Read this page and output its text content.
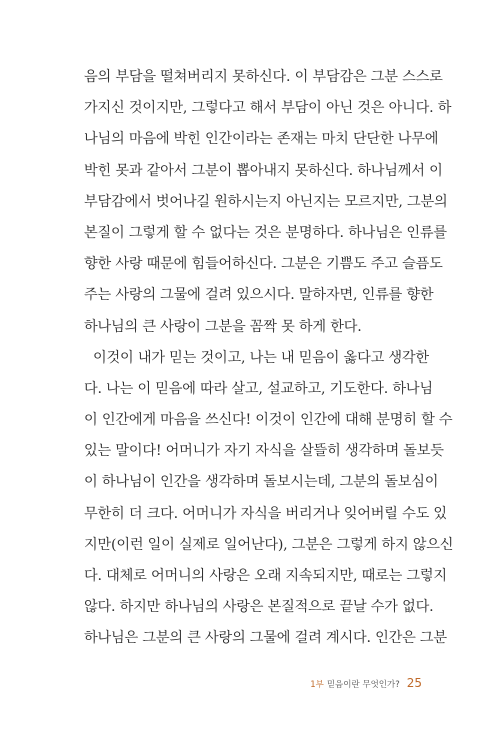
음의 부담을 떨쳐버리지 못하신다. 이 부담감은 그분 스스로
가지신 것이지만, 그렇다고 해서 부담이 아닌 것은 아니다. 하
나님의 마음에 박힌 인간이라는 존재는 마치 단단한 나무에
박힌 못과 같아서 그분이 뽑아내지 못하신다. 하나님께서 이
부담감에서 벗어나길 원하시는지 아닌지는 모르지만, 그분의
본질이 그렇게 할 수 없다는 것은 분명하다. 하나님은 인류를
향한 사랑 때문에 힘들어하신다. 그분은 기쁨도 주고 슬픔도
주는 사랑의 그물에 걸려 있으시다. 말하자면, 인류를 향한
하나님의 큰 사랑이 그분을 꼼짝 못 하게 한다.
이것이 내가 믿는 것이고, 나는 내 믿음이 옳다고 생각한
다. 나는 이 믿음에 따라 살고, 설교하고, 기도한다. 하나님
이 인간에게 마음을 쓰신다! 이것이 인간에 대해 분명히 할 수
있는 말이다! 어머니가 자기 자식을 살뜰히 생각하며 돌보듯
이 하나님이 인간을 생각하며 돌보시는데, 그분의 돌보심이
무한히 더 크다. 어머니가 자식을 버리거나 잊어버릴 수도 있
지만(이런 일이 실제로 일어난다), 그분은 그렇게 하지 않으신
다. 대체로 어머니의 사랑은 오래 지속되지만, 때로는 그렇지
않다. 하지만 하나님의 사랑은 본질적으로 끝날 수가 없다.
하나님은 그분의 큰 사랑의 그물에 걸려 계시다. 인간은 그분
1부 믿음이란 무엇인가? 25
